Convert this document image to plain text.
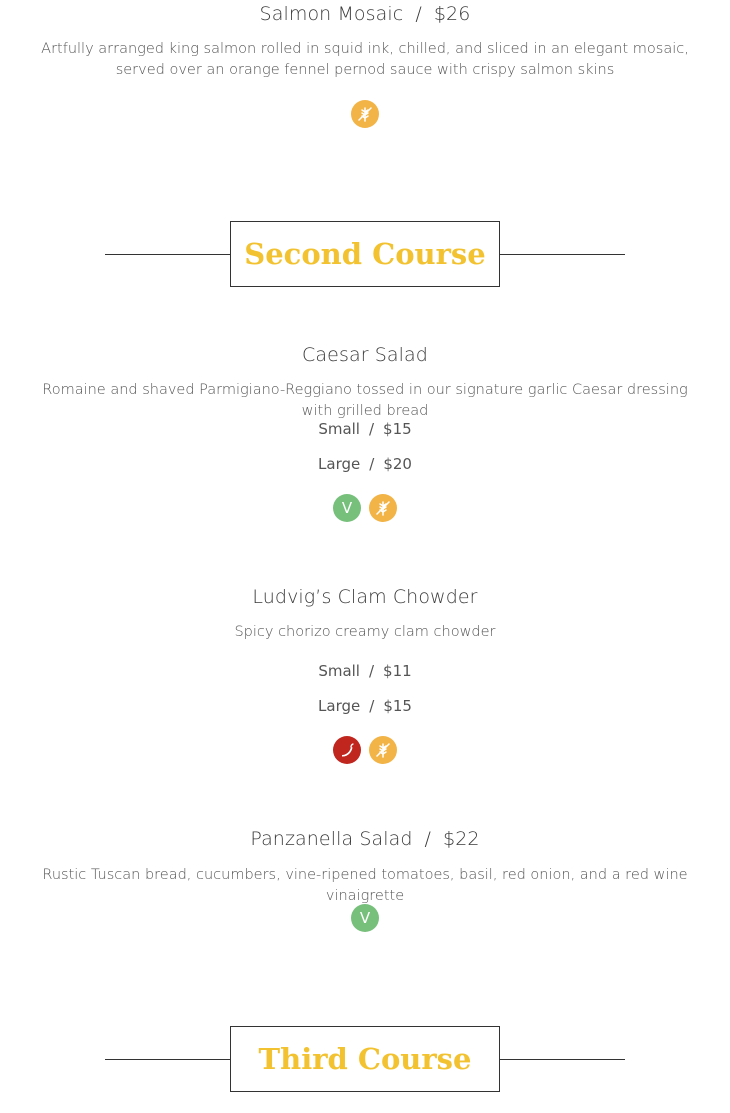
Salmon Mosaic / $26
Artfully arranged king salmon rolled in squid ink, chilled, and sliced in an elegant mosaic, served over an orange fennel pernod sauce with crispy salmon skins
Second Course
Caesar Salad
Romaine and shaved Parmigiano-Reggiano tossed in our signature garlic Caesar dressing with grilled bread
Small / $15
Large / $20
V
Ludvig’s Clam Chowder
Spicy chorizo creamy clam chowder
Small / $11
Large / $15
Panzanella Salad / $22
Rustic Tuscan bread, cucumbers, vine-ripened tomatoes, basil, red onion, and a red wine vinaigrette
V
Third Course
